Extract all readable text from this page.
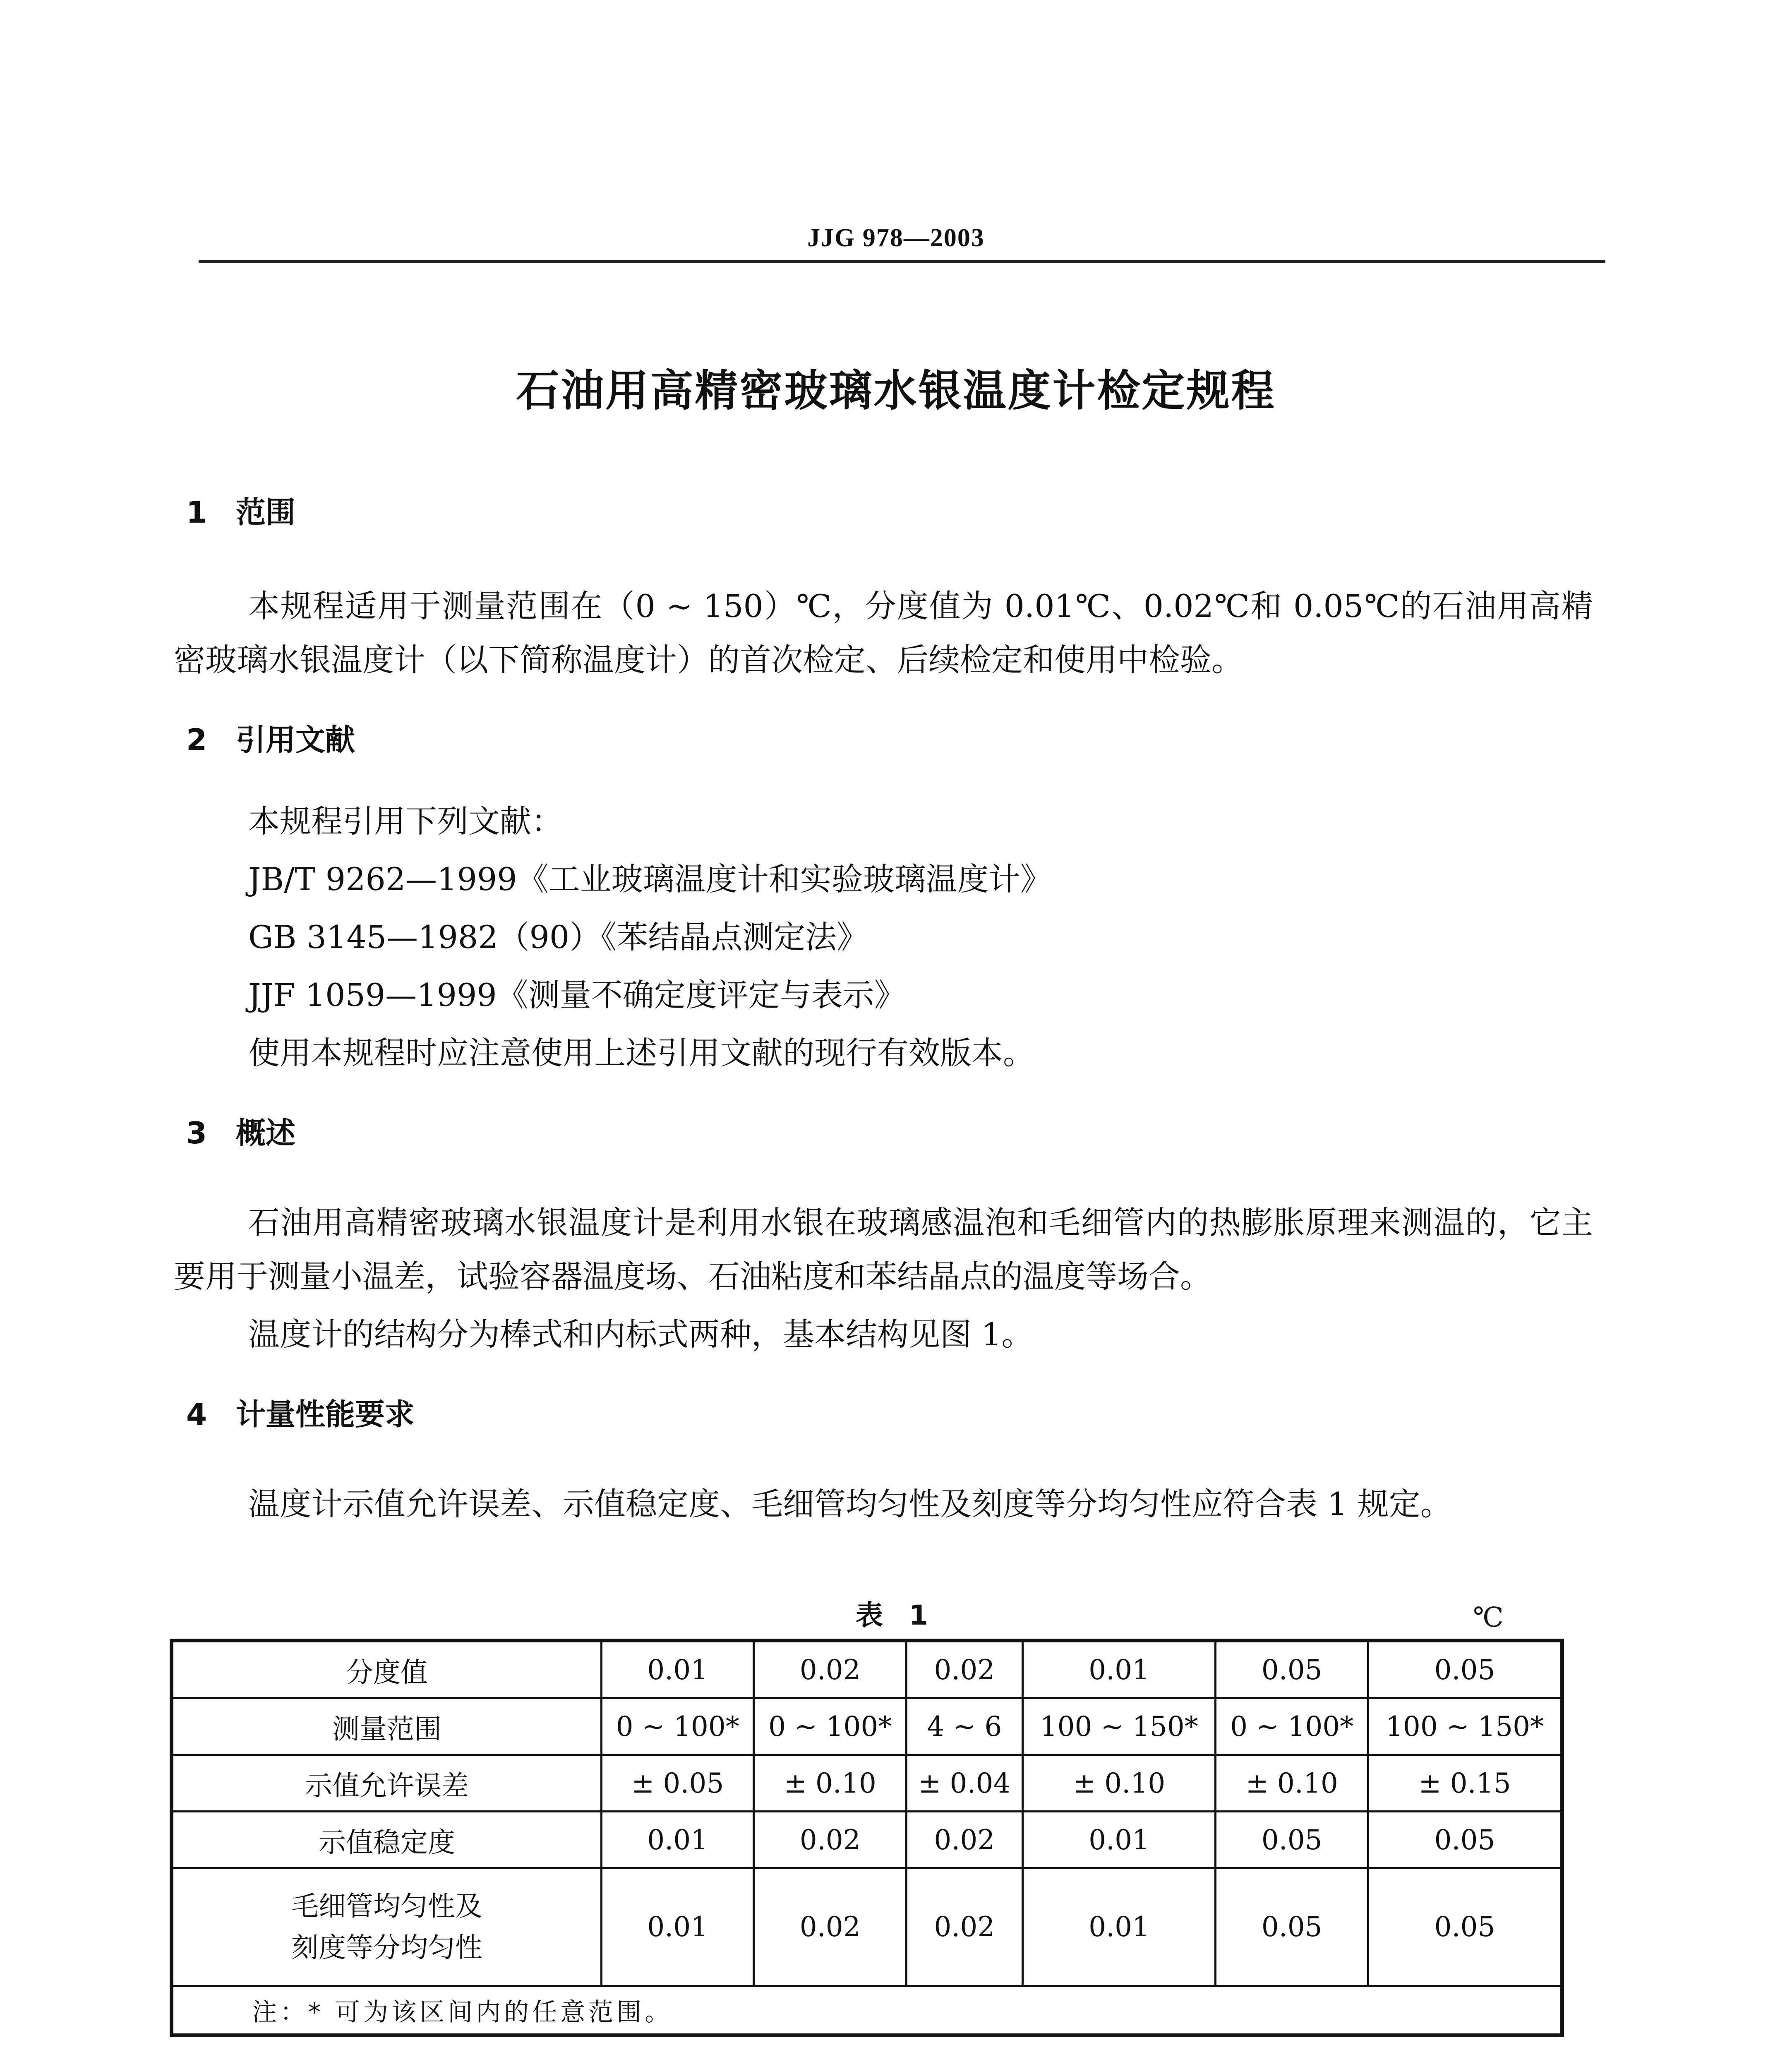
JJG 978—2003
石油用高精密玻璃水银温度计检定规程
1 范围
本规程适用于测量范围在（0 ~ 150）℃，分度值为 0.01℃、0.02℃和 0.05℃的石油用高精密玻璃水银温度计（以下简称温度计）的首次检定、后续检定和使用中检验。
2 引用文献
本规程引用下列文献：
JB/T 9262—1999《工业玻璃温度计和实验玻璃温度计》
GB 3145—1982（90）《苯结晶点测定法》
JJF 1059—1999《测量不确定度评定与表示》
使用本规程时应注意使用上述引用文献的现行有效版本。
3 概述
石油用高精密玻璃水银温度计是利用水银在玻璃感温泡和毛细管内的热膨胀原理来测温的，它主要用于测量小温差，试验容器温度场、石油粘度和苯结晶点的温度等场合。
温度计的结构分为棒式和内标式两种，基本结构见图 1。
4 计量性能要求
温度计示值允许误差、示值稳定度、毛细管均匀性及刻度等分均匀性应符合表 1 规定。
表 1	℃
分度值	0.01	0.02	0.02	0.01	0.05	0.05
测量范围	0 ~ 100*	0 ~ 100*	4 ~ 6	100 ~ 150*	0 ~ 100*	100 ~ 150*
示值允许误差	± 0.05	± 0.10	± 0.04	± 0.10	± 0.10	± 0.15
示值稳定度	0.01	0.02	0.02	0.01	0.05	0.05

毛细管均匀性及
刻度等分均匀性	0.01	0.02	0.02	0.01	0.05	0.05
注：* 可为该区间内的任意范围。						
